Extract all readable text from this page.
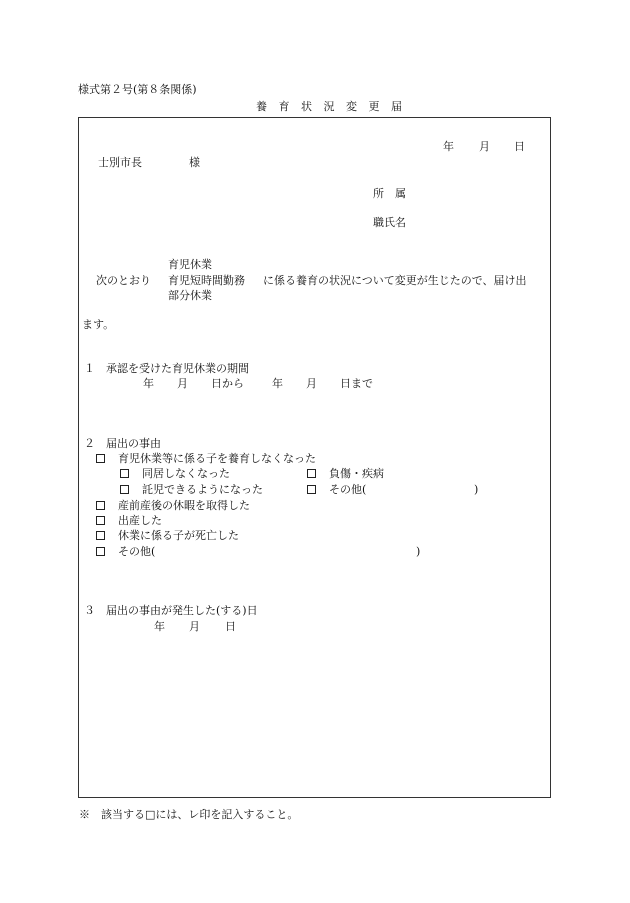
様式第２号(第８条関係)
養 育 状 況 変 更 届
年 月 日
士別市長	様
所　属
職氏名
育児休業
次のとおり 育児短時間勤務 に係る養育の状況について変更が生じたので、届け出
部分休業
ます。
１　承認を受けた育児休業の期間
年 月 日から	年 月 日まで
２　届出の事由
育児休業等に係る子を養育しなくなった
同居しなくなった	負傷・疾病
託児できるようになった	その他(	)
産前産後の休暇を取得した
出産した
休業に係る子が死亡した
その他(	)
３　届出の事由が発生した(する)日
年 月 日
※　該当する□には、レ印を記入すること。
